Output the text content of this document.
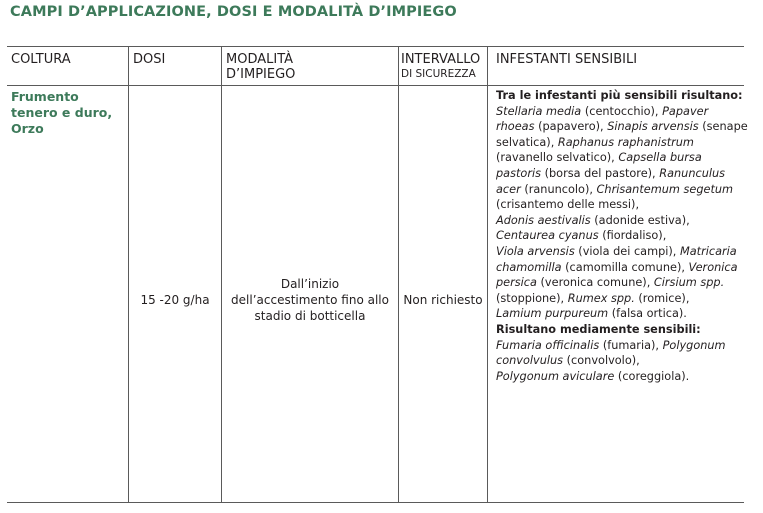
CAMPI D’APPLICAZIONE, DOSI E MODALITÀ D’IMPIEGO
COLTURA	DOSI	MODALITÀ
D’IMPIEGO
INTERVALLO
DI SICUREZZA
INFESTANTI SENSIBILI
Frumento
tenero e duro,
Orzo
15 -20 g/ha
Dall’inizio
dell’accestimento fino allo
stadio di botticella
Non richiesto
Tra le infestanti più sensibili risultano:
Stellaria media (centocchio), Papaver
rhoeas (papavero), Sinapis arvensis (senape
selvatica), Raphanus raphanistrum
(ravanello selvatico), Capsella bursa
pastoris (borsa del pastore), Ranunculus
acer (ranuncolo), Chrisantemum segetum
(crisantemo delle messi),
Adonis aestivalis (adonide estiva),
Centaurea cyanus (fiordaliso),
Viola arvensis (viola dei campi), Matricaria
chamomilla (camomilla comune), Veronica
persica (veronica comune), Cirsium spp.
(stoppione), Rumex spp. (romice),
Lamium purpureum (falsa ortica).
Risultano mediamente sensibili:
Fumaria officinalis (fumaria), Polygonum
convolvulus (convolvolo),
Polygonum aviculare (coreggiola).
